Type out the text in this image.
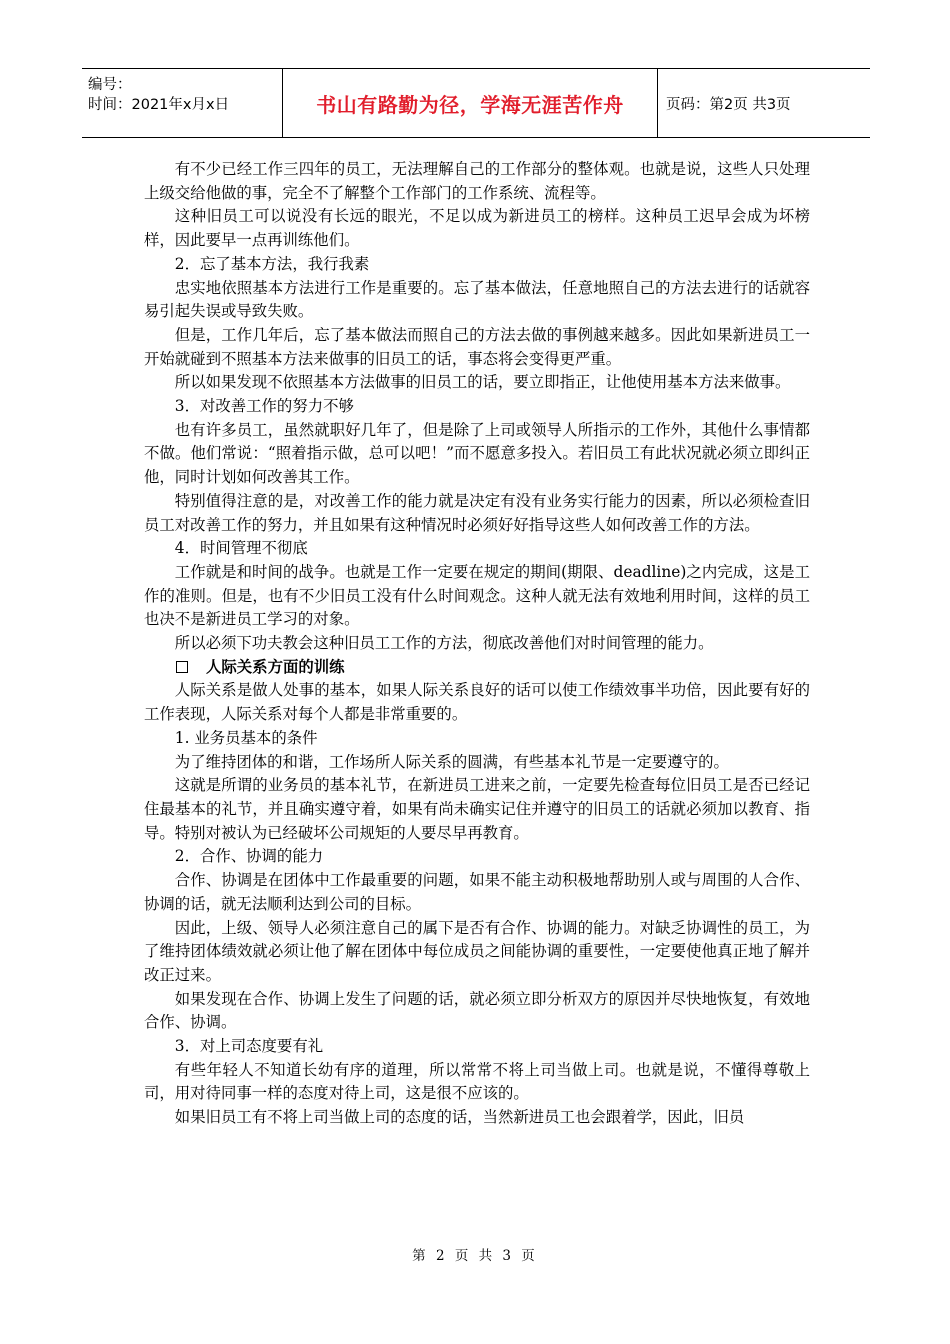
编号：
时间：2021年x月x日	书山有路勤为径，学海无涯苦作舟	页码：第2页 共3页
有不少已经工作三四年的员工，无法理解自己的工作部分的整体观。也就是说，这些人只处理上级交给他做的事，完全不了解整个工作部门的工作系统、流程等。
这种旧员工可以说没有长远的眼光，不足以成为新进员工的榜样。这种员工迟早会成为坏榜样，因此要早一点再训练他们。
2．忘了基本方法，我行我素
忠实地依照基本方法进行工作是重要的。忘了基本做法，任意地照自己的方法去进行的话就容易引起失误或导致失败。
但是，工作几年后，忘了基本做法而照自己的方法去做的事例越来越多。因此如果新进员工一开始就碰到不照基本方法来做事的旧员工的话，事态将会变得更严重。
所以如果发现不依照基本方法做事的旧员工的话，要立即指正，让他使用基本方法来做事。
3．对改善工作的努力不够
也有许多员工，虽然就职好几年了，但是除了上司或领导人所指示的工作外，其他什么事情都不做。他们常说：“照着指示做，总可以吧！”而不愿意多投入。若旧员工有此状况就必须立即纠正他，同时计划如何改善其工作。
特别值得注意的是，对改善工作的能力就是决定有没有业务实行能力的因素，所以必须检查旧员工对改善工作的努力，并且如果有这种情况时必须好好指导这些人如何改善工作的方法。
4．时间管理不彻底
工作就是和时间的战争。也就是工作一定要在规定的期间(期限、deadline)之内完成，这是工作的准则。但是，也有不少旧员工没有什么时间观念。这种人就无法有效地利用时间，这样的员工也决不是新进员工学习的对象。
所以必须下功夫教会这种旧员工工作的方法，彻底改善他们对时间管理的能力。
人际关系方面的训练
人际关系是做人处事的基本，如果人际关系良好的话可以使工作绩效事半功倍，因此要有好的工作表现，人际关系对每个人都是非常重要的。
1. 业务员基本的条件
为了维持团体的和谐，工作场所人际关系的圆满，有些基本礼节是一定要遵守的。
这就是所谓的业务员的基本礼节，在新进员工进来之前，一定要先检查每位旧员工是否已经记住最基本的礼节，并且确实遵守着，如果有尚未确实记住并遵守的旧员工的话就必须加以教育、指导。特别对被认为已经破坏公司规矩的人要尽早再教育。
2．合作、协调的能力
合作、协调是在团体中工作最重要的问题，如果不能主动积极地帮助别人或与周围的人合作、协调的话，就无法顺利达到公司的目标。
因此，上级、领导人必须注意自己的属下是否有合作、协调的能力。对缺乏协调性的员工，为了维持团体绩效就必须让他了解在团体中每位成员之间能协调的重要性，一定要使他真正地了解并改正过来。
如果发现在合作、协调上发生了问题的话，就必须立即分析双方的原因并尽快地恢复，有效地合作、协调。
3．对上司态度要有礼
有些年轻人不知道长幼有序的道理，所以常常不将上司当做上司。也就是说，不懂得尊敬上司，用对待同事一样的态度对待上司，这是很不应该的。
如果旧员工有不将上司当做上司的态度的话，当然新进员工也会跟着学，因此，旧员
第 2 页 共 3 页
